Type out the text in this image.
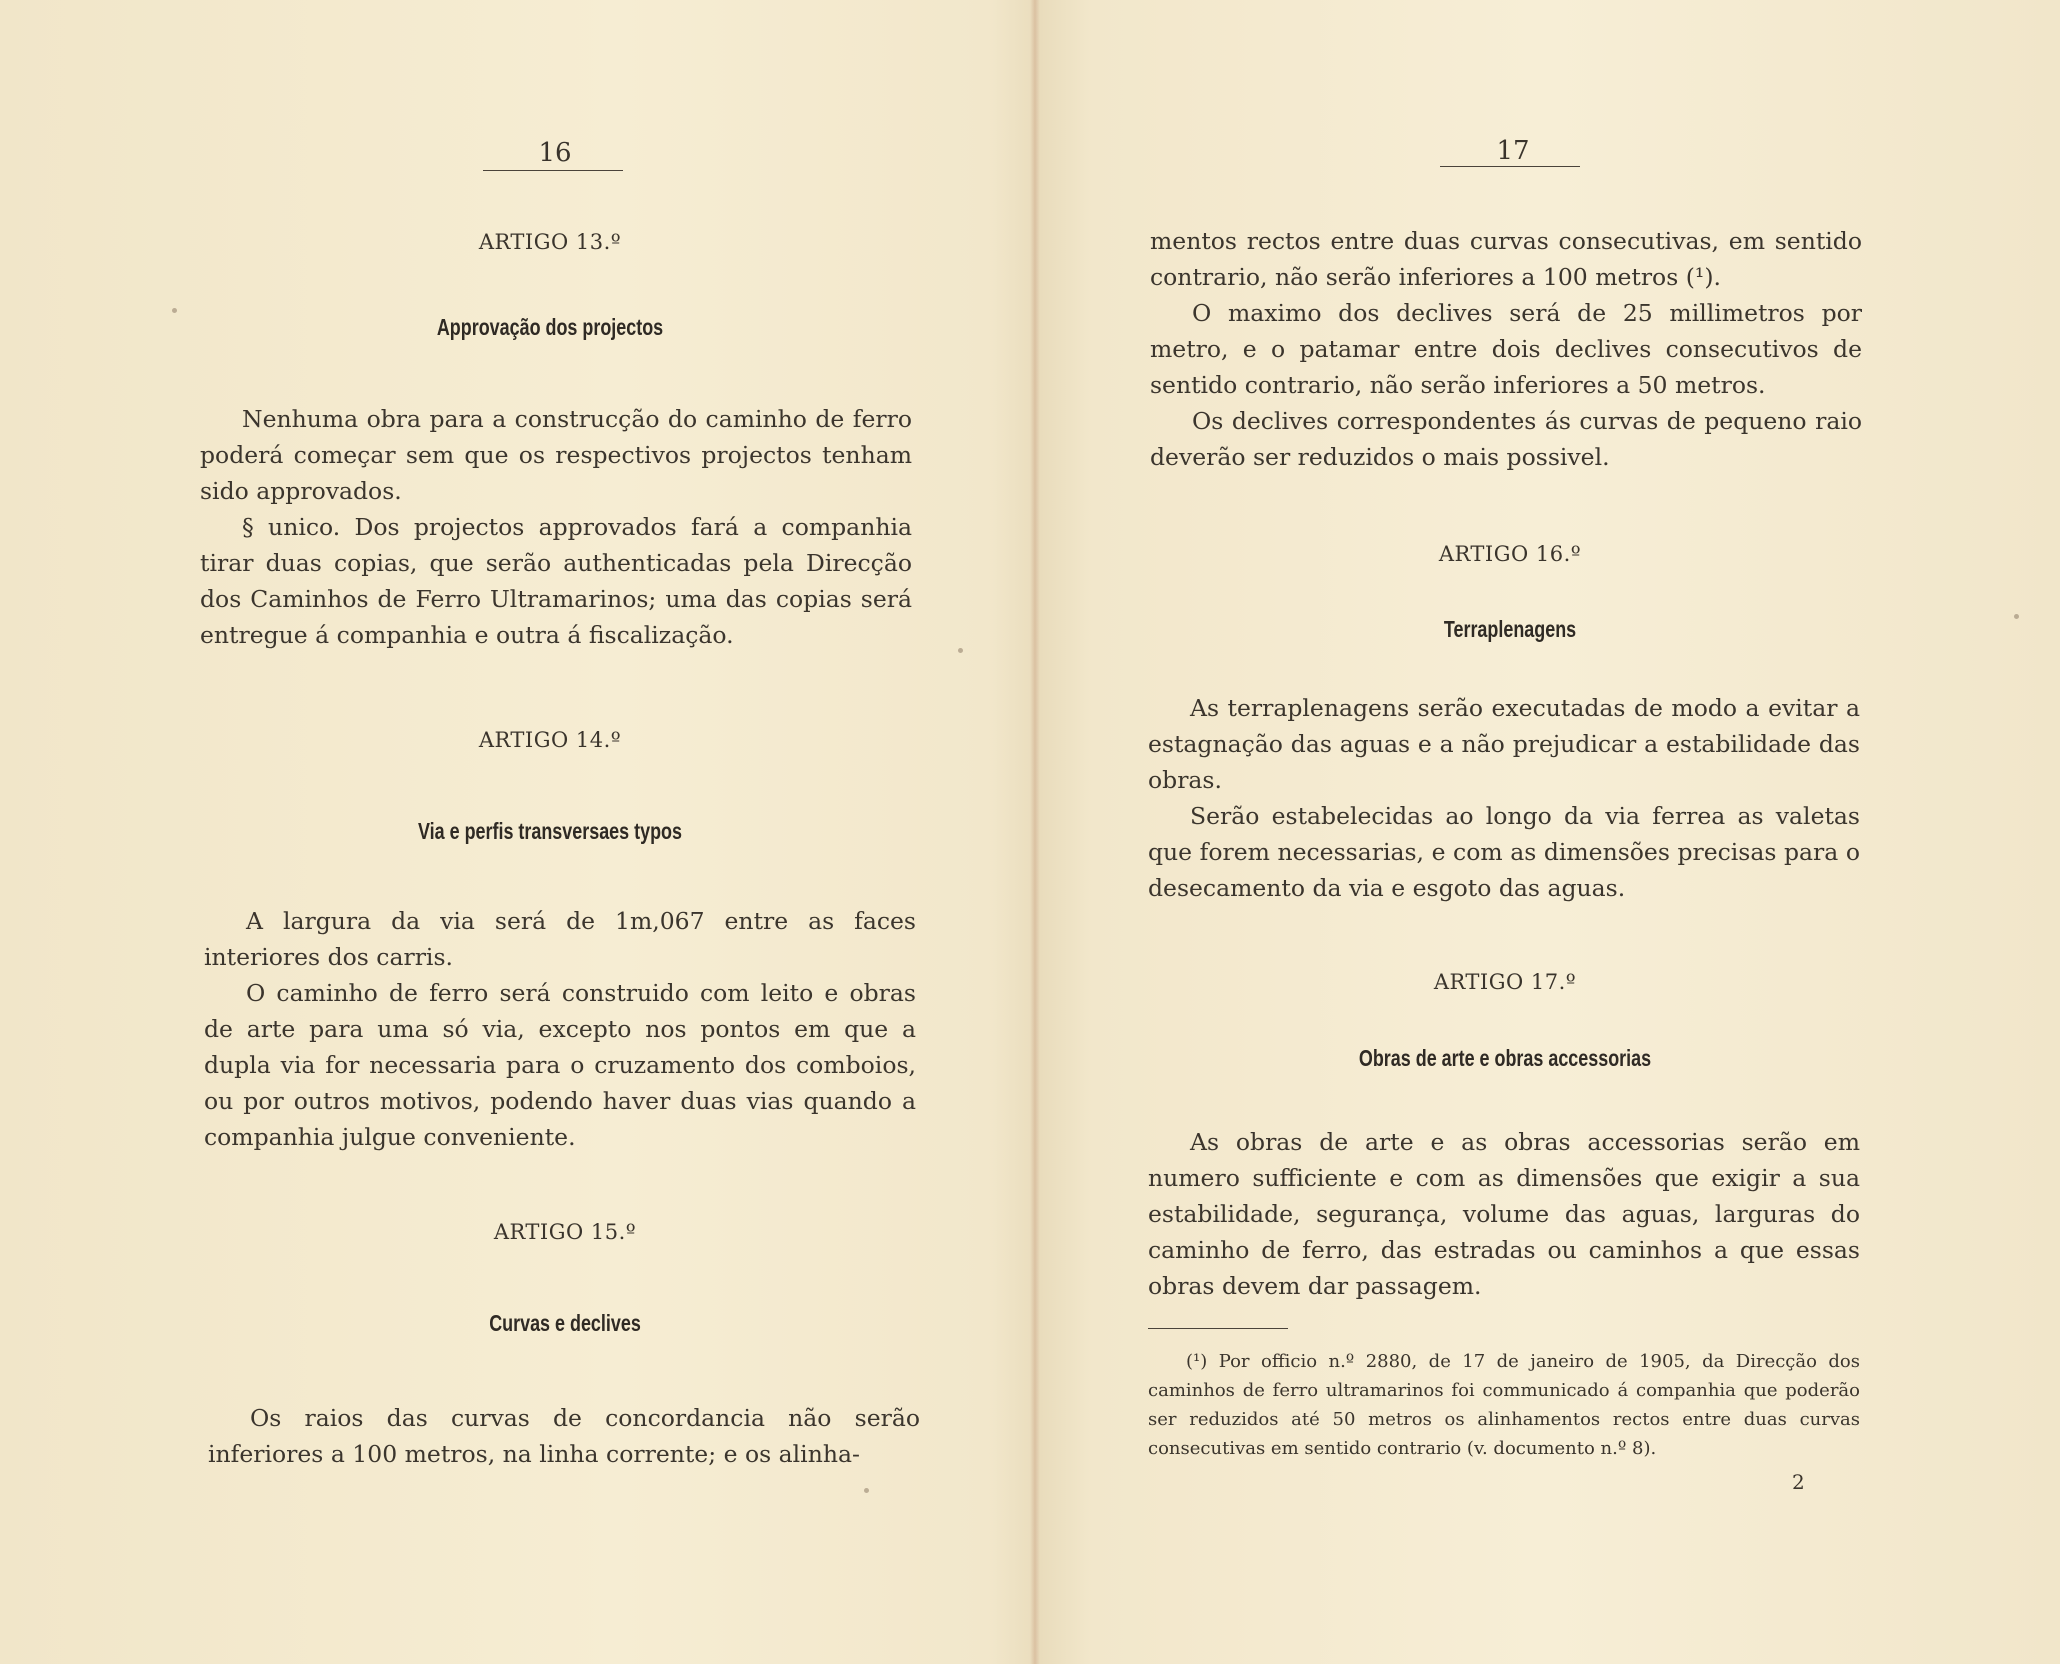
16
ARTIGO 13.º
Approvação dos projectos
Nenhuma obra para a construcção do caminho de ferro poderá começar sem que os respectivos projectos tenham sido approvados.
§ unico. Dos projectos approvados fará a companhia tirar duas copias, que serão authenticadas pela Direcção dos Caminhos de Ferro Ultramarinos; uma das copias será entregue á companhia e outra á fiscalização.
ARTIGO 14.º
Via e perfis transversaes typos
A largura da via será de 1m,067 entre as faces interiores dos carris.
O caminho de ferro será construido com leito e obras de arte para uma só via, excepto nos pontos em que a dupla via for necessaria para o cruzamento dos comboios, ou por outros motivos, podendo haver duas vias quando a companhia julgue conveniente.
ARTIGO 15.º
Curvas e declives
Os raios das curvas de concordancia não serão inferiores a 100 metros, na linha corrente; e os alinha-
17
mentos rectos entre duas curvas consecutivas, em sentido contrario, não serão inferiores a 100 metros (¹).
O maximo dos declives será de 25 millimetros por metro, e o patamar entre dois declives consecutivos de sentido contrario, não serão inferiores a 50 metros.
Os declives correspondentes ás curvas de pequeno raio deverão ser reduzidos o mais possivel.
ARTIGO 16.º
Terraplenagens
As terraplenagens serão executadas de modo a evitar a estagnação das aguas e a não prejudicar a estabilidade das obras.
Serão estabelecidas ao longo da via ferrea as valetas que forem necessarias, e com as dimensões precisas para o desecamento da via e esgoto das aguas.
ARTIGO 17.º
Obras de arte e obras accessorias
As obras de arte e as obras accessorias serão em numero sufficiente e com as dimensões que exigir a sua estabilidade, segurança, volume das aguas, larguras do caminho de ferro, das estradas ou caminhos a que essas obras devem dar passagem.
(¹) Por officio n.º 2880, de 17 de janeiro de 1905, da Direcção dos caminhos de ferro ultramarinos foi communicado á companhia que poderão ser reduzidos até 50 metros os alinhamentos rectos entre duas curvas consecutivas em sentido contrario (v. documento n.º 8).
2
